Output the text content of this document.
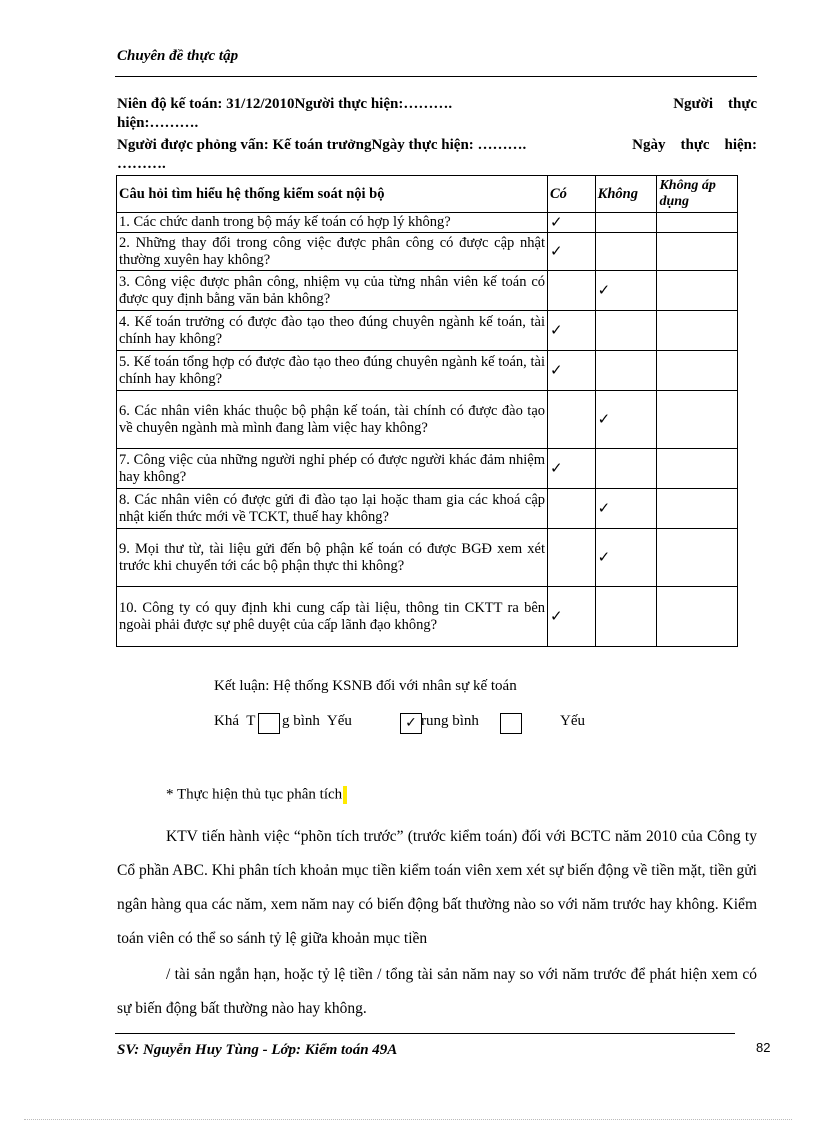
Chuyên đề thực tập
Niên độ kế toán: 31/12/2010Người thực hiện:……….	Người    thực
hiện:……….
Người được phỏng vấn: Kế toán trưởngNgày thực hiện: ……….	Ngày    thực    hiện:
……….
Câu hỏi tìm hiểu hệ thống kiểm soát nội bộ	Có	Không	Không áp dụng
1. Các chức danh trong bộ máy kế toán có hợp lý không?	✓		
2. Những thay đổi trong công việc được phân công có được cập nhật thường xuyên hay không?	✓		
3. Công việc được phân công, nhiệm vụ của từng nhân viên kế toán có được quy định bằng văn bản không?		✓	
4. Kế toán trưởng có được đào tạo theo đúng chuyên ngành kế toán, tài chính hay không?	✓		
5. Kế toán tổng hợp có được đào tạo theo đúng chuyên ngành kế toán, tài chính hay không?	✓		
6. Các nhân viên khác thuộc bộ phận kế toán, tài chính có được đào tạo về chuyên ngành mà mình đang làm việc hay không?		✓	
7. Công việc của những người nghỉ phép có được người khác đảm nhiệm hay không?	✓		
8. Các nhân viên có được gửi đi đào tạo lại hoặc tham gia các khoá cập nhật kiến thức mới về TCKT, thuế hay không?		✓	
9. Mọi thư từ, tài liệu gửi đến bộ phận kế toán có được BGĐ xem xét trước khi chuyển tới các bộ phận thực thi không?		✓	
10. Công ty có quy định khi cung cấp tài liệu, thông tin CKTT ra bên ngoài phải được sự phê duyệt của cấp lãnh đạo không?	✓		
Kết luận: Hệ thống KSNB đối với nhân sự kế toán
Khá  T g bình  Yếu	✓ rung bình	Yếu
* Thực hiện thủ tục phân tích
KTV tiến hành việc “phõn tích trước” (trước kiểm toán) đối với BCTC năm 2010 của Công ty Cổ phần ABC. Khi phân tích khoản mục tiền kiểm toán viên xem xét sự biến động về tiền mặt, tiền gửi ngân hàng qua các năm, xem năm nay có biến động bất thường nào so với năm trước hay không. Kiểm toán viên có thể so sánh tỷ lệ giữa khoản mục tiền
/ tài sản ngắn hạn, hoặc tỷ lệ tiền / tổng tài sản năm nay so với năm trước để phát hiện xem có sự biến động bất thường nào hay không.
SV: Nguyễn Huy Tùng - Lớp: Kiểm toán 49A	82
